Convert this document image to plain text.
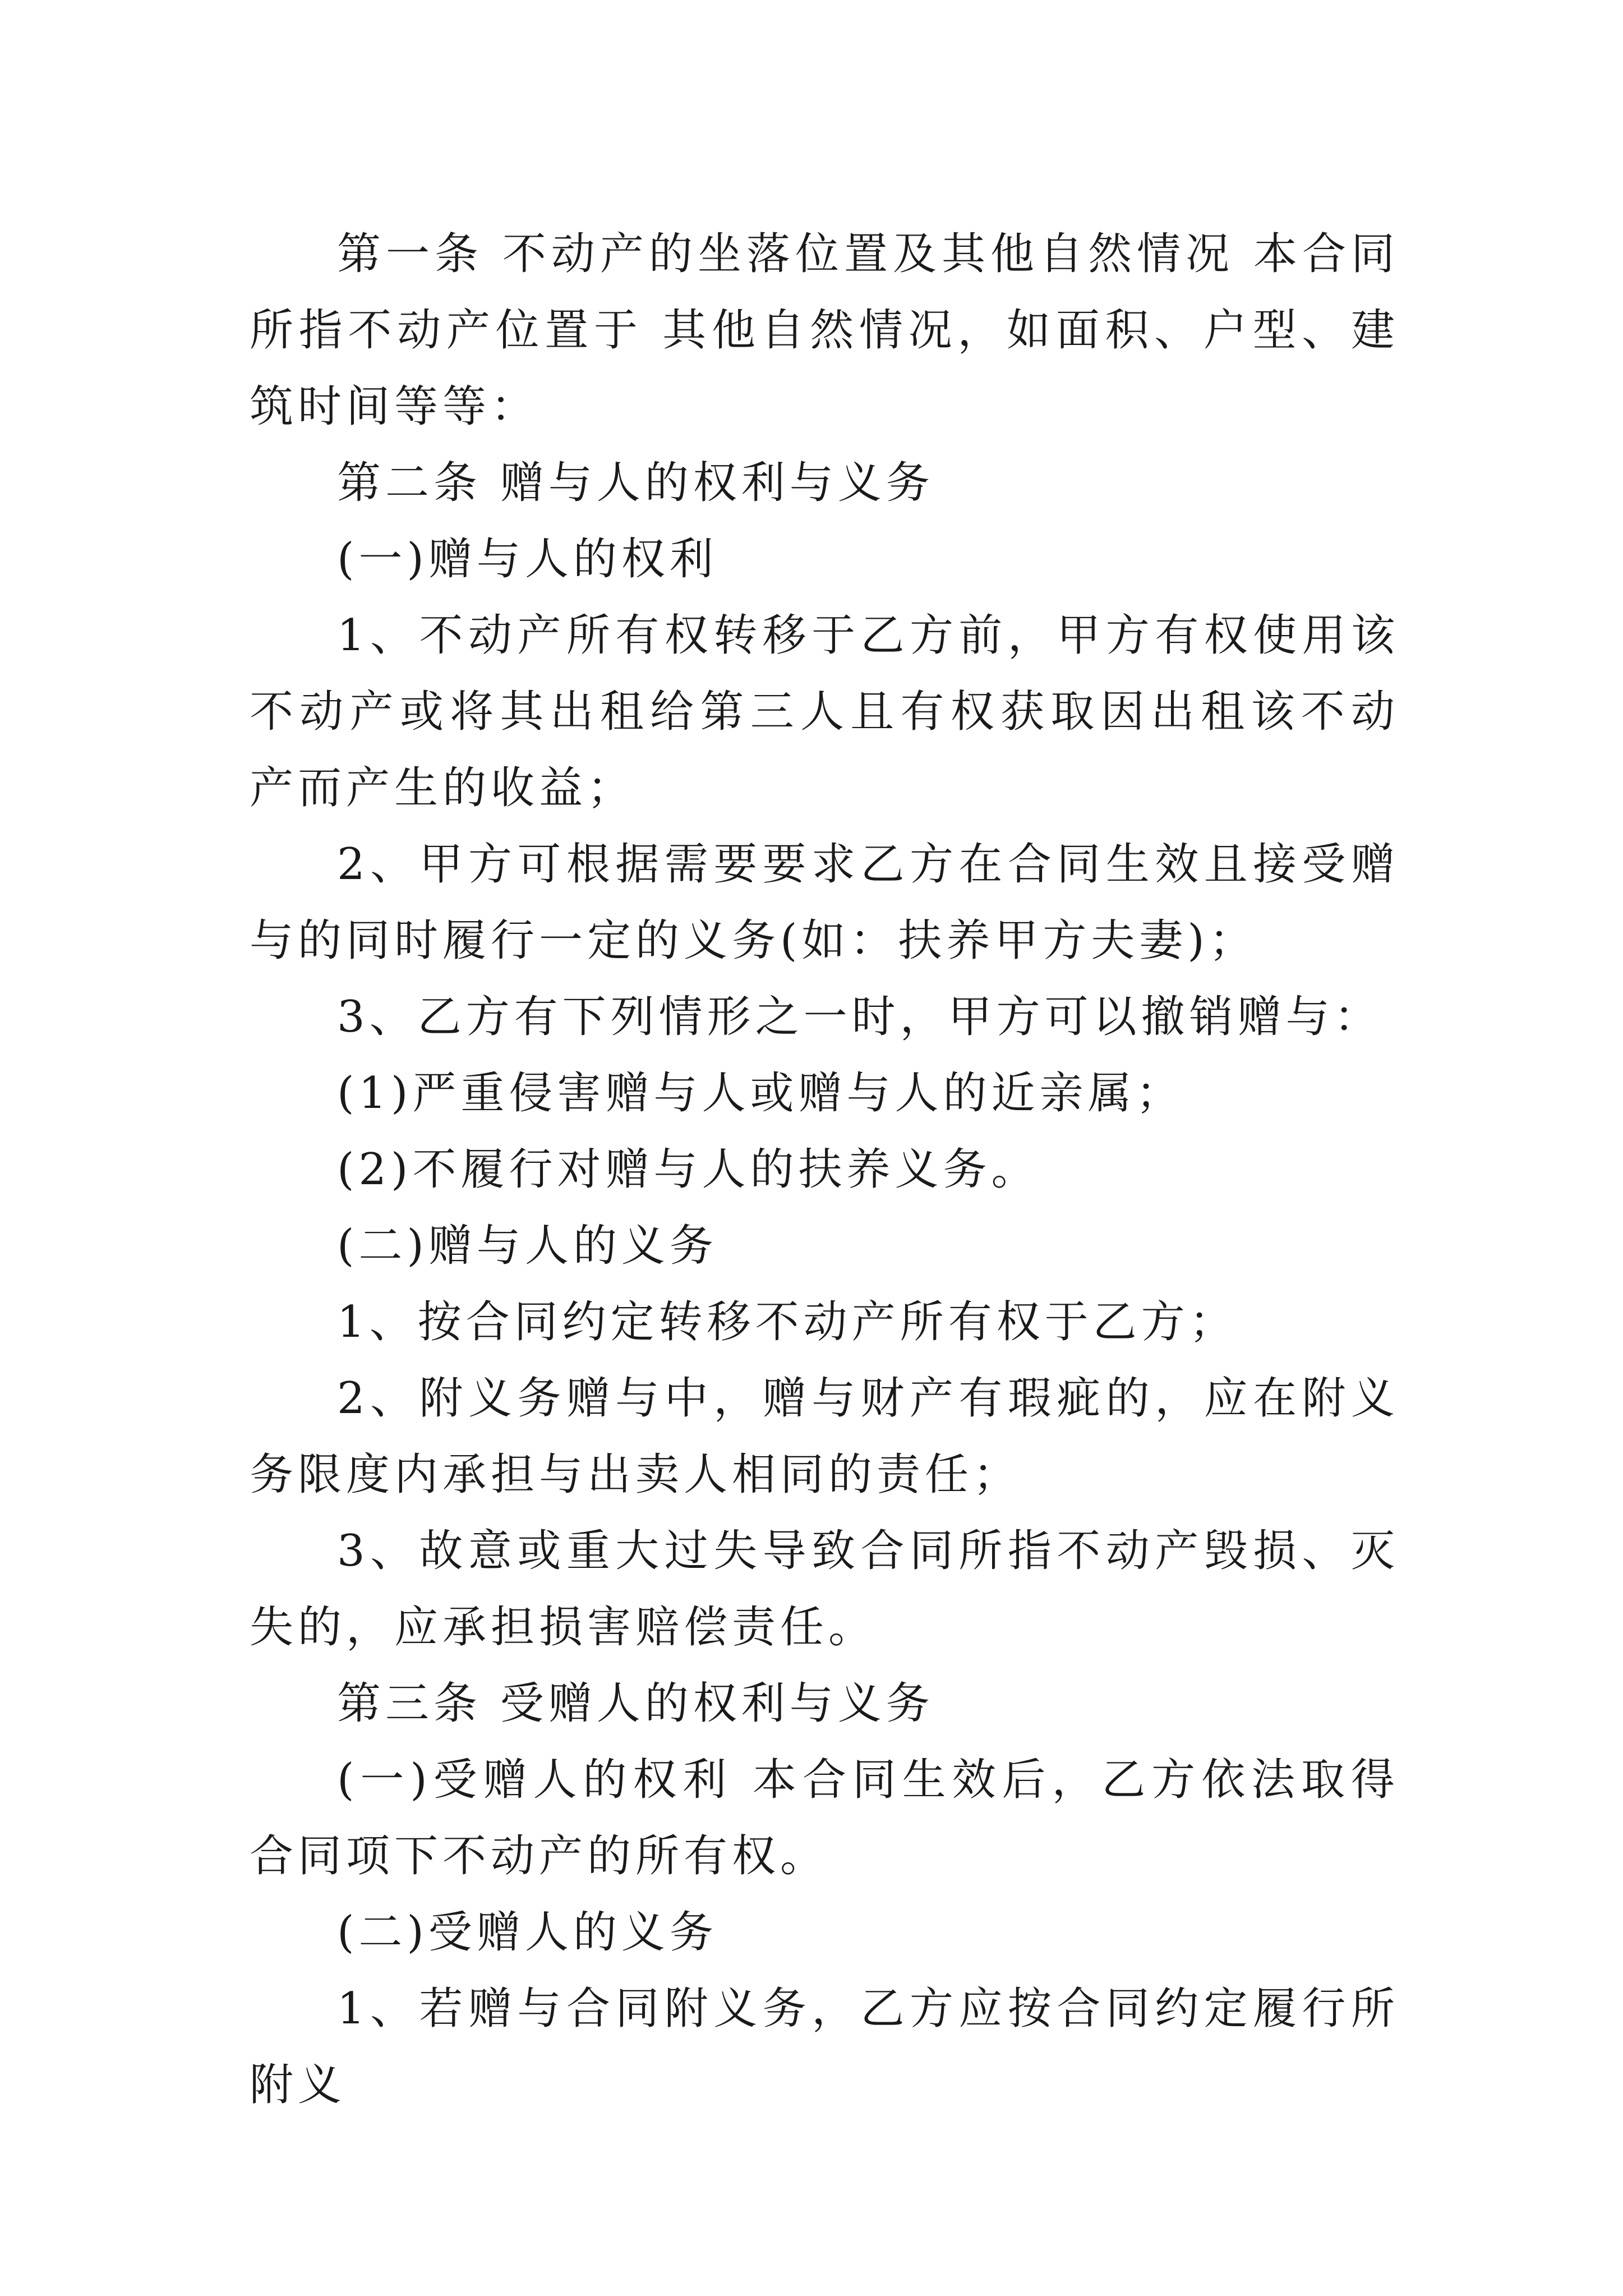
第一条 不动产的坐落位置及其他自然情况 本合同所指不动产位置于 其他自然情况，如面积、户型、建筑时间等等：

第二条 赠与人的权利与义务

(一)赠与人的权利

1、不动产所有权转移于乙方前，甲方有权使用该不动产或将其出租给第三人且有权获取因出租该不动产而产生的收益；

2、甲方可根据需要要求乙方在合同生效且接受赠与的同时履行一定的义务(如：扶养甲方夫妻)；

3、乙方有下列情形之一时，甲方可以撤销赠与：

(1)严重侵害赠与人或赠与人的近亲属；

(2)不履行对赠与人的扶养义务。

(二)赠与人的义务

1、按合同约定转移不动产所有权于乙方；

2、附义务赠与中，赠与财产有瑕疵的，应在附义务限度内承担与出卖人相同的责任；

3、故意或重大过失导致合同所指不动产毁损、灭失的，应承担损害赔偿责任。

第三条 受赠人的权利与义务

(一)受赠人的权利 本合同生效后，乙方依法取得合同项下不动产的所有权。

(二)受赠人的义务

1、若赠与合同附义务，乙方应按合同约定履行所附义
